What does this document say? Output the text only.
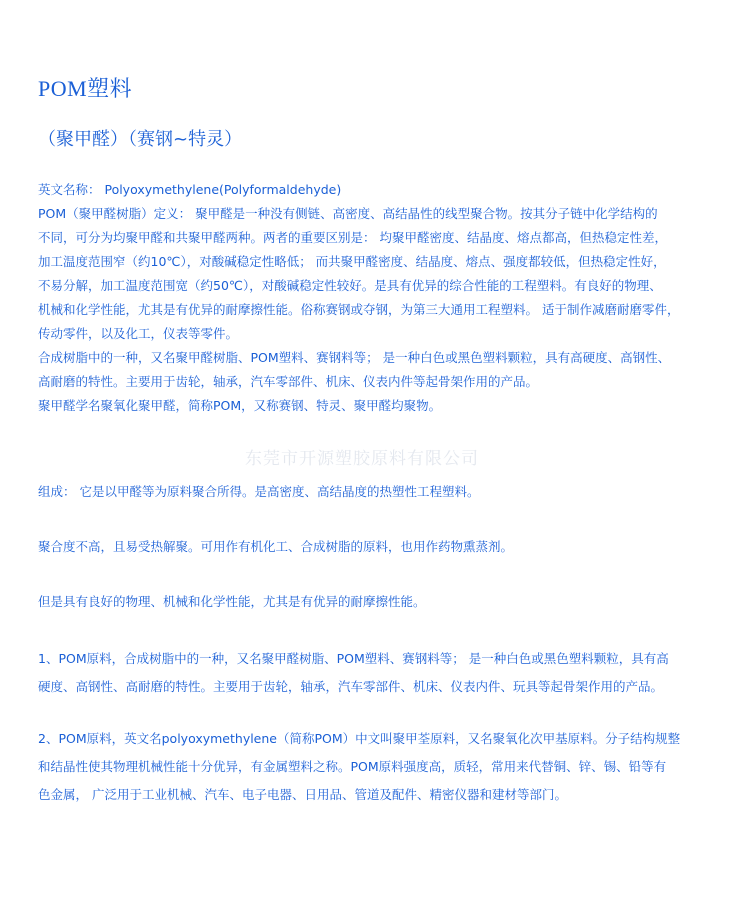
POM塑料
（聚甲醛）（赛钢~特灵）

英文名称： Polyoxymethylene(Polyformaldehyde)

POM（聚甲醛树脂）定义： 聚甲醛是一种没有侧链、高密度、高结晶性的线型聚合物。按其分子链中化学结构的

不同，可分为均聚甲醛和共聚甲醛两种。两者的重要区别是： 均聚甲醛密度、结晶度、熔点都高，但热稳定性差，

加工温度范围窄（约10℃），对酸碱稳定性略低； 而共聚甲醛密度、结晶度、熔点、强度都较低，但热稳定性好，

不易分解，加工温度范围宽（约50℃），对酸碱稳定性较好。是具有优异的综合性能的工程塑料。有良好的物理、

机械和化学性能，尤其是有优异的耐摩擦性能。俗称赛钢或夺钢，为第三大通用工程塑料。 适于制作减磨耐磨零件，

传动零件，以及化工，仪表等零件。

合成树脂中的一种，又名聚甲醛树脂、POM塑料、赛钢料等； 是一种白色或黑色塑料颗粒，具有高硬度、高钢性、

高耐磨的特性。主要用于齿轮，轴承，汽车零部件、机床、仪表内件等起骨架作用的产品。

聚甲醛学名聚氧化聚甲醛，简称POM，又称赛钢、特灵、聚甲醛均聚物。

东莞市开源塑胶原料有限公司
组成： 它是以甲醛等为原料聚合所得。是高密度、高结晶度的热塑性工程塑料。
聚合度不高，且易受热解聚。可用作有机化工、合成树脂的原料，也用作药物熏蒸剂。
但是具有良好的物理、机械和化学性能，尤其是有优异的耐摩擦性能。

1、POM原料，合成树脂中的一种，又名聚甲醛树脂、POM塑料、赛钢料等； 是一种白色或黑色塑料颗粒，具有高

硬度、高钢性、高耐磨的特性。主要用于齿轮，轴承，汽车零部件、机床、仪表内件、玩具等起骨架作用的产品。

2、POM原料，英文名polyoxymethylene（简称POM）中文叫聚甲荃原料，又名聚氧化次甲基原料。分子结构规整

和结晶性使其物理机械性能十分优异，有金属塑料之称。POM原料强度高，质轻，常用来代替铜、锌、锡、铅等有

色金属， 广泛用于工业机械、汽车、电子电器、日用品、管道及配件、精密仪器和建材等部门。
